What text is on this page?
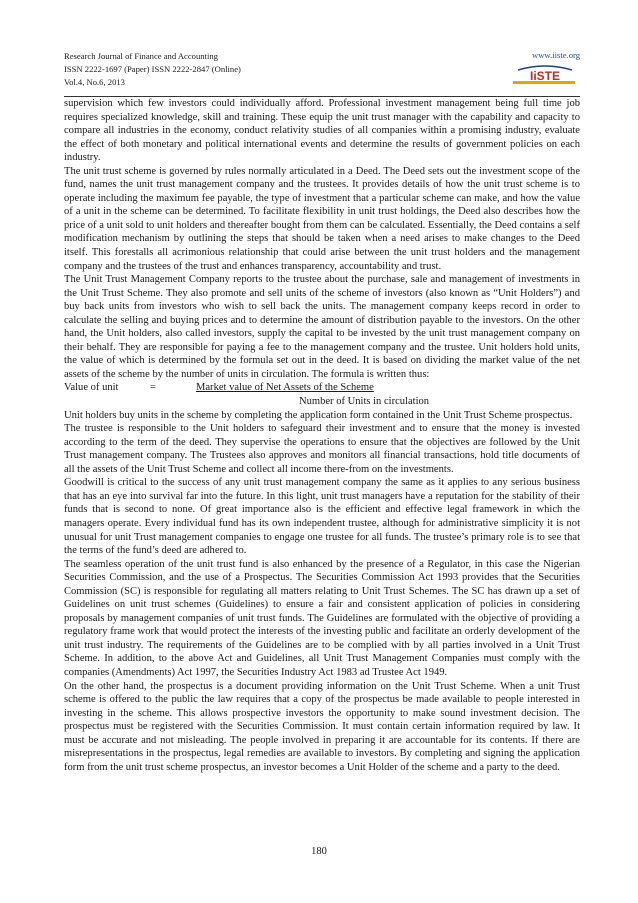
Research Journal of Finance and Accounting
ISSN 2222-1697 (Paper) ISSN 2222-2847 (Online)
Vol.4, No.6, 2013
www.iiste.org
IiSTE

supervision which few investors could individually afford. Professional investment management being full time job requires specialized knowledge, skill and training. These equip the unit trust manager with the capability and capacity to compare all industries in the economy, conduct relativity studies of all companies within a promising industry, evaluate the effect of both monetary and political international events and determine the results of government policies on each industry.

The unit trust scheme is governed by rules normally articulated in a Deed. The Deed sets out the investment scope of the fund, names the unit trust management company and the trustees. It provides details of how the unit trust scheme is to operate including the maximum fee payable, the type of investment that a particular scheme can make, and how the value of a unit in the scheme can be determined. To facilitate flexibility in unit trust holdings, the Deed also describes how the price of a unit sold to unit holders and thereafter bought from them can be calculated. Essentially, the Deed contains a self modification mechanism by outlining the steps that should be taken when a need arises to make changes to the Deed itself. This forestalls all acrimonious relationship that could arise between the unit trust holders and the management company and the trustees of the trust and enhances transparency, accountability and trust.

The Unit Trust Management Company reports to the trustee about the purchase, sale and management of investments in the Unit Trust Scheme. They also promote and sell units of the scheme of investors (also known as “Unit Holders”) and buy back units from investors who wish to sell back the units. The management company keeps record in order to calculate the selling and buying prices and to determine the amount of distribution payable to the investors. On the other hand, the Unit holders, also called investors, supply the capital to be invested by the unit trust management company on their behalf. They are responsible for paying a fee to the management company and the trustee. Unit holders hold units, the value of which is determined by the formula set out in the deed. It is based on dividing the market value of the net assets of the scheme by the number of units in circulation. The formula is written thus:

Value of unit	=	Market value of Net Assets of the Scheme
Number of Units in circulation

Unit holders buy units in the scheme by completing the application form contained in the Unit Trust Scheme prospectus.

The trustee is responsible to the Unit holders to safeguard their investment and to ensure that the money is invested according to the term of the deed. They supervise the operations to ensure that the objectives are followed by the Unit Trust management company. The Trustees also approves and monitors all financial transactions, hold title documents of all the assets of the Unit Trust Scheme and collect all income there-from on the investments.

Goodwill is critical to the success of any unit trust management company the same as it applies to any serious business that has an eye into survival far into the future. In this light, unit trust managers have a reputation for the stability of their funds that is second to none. Of great importance also is the efficient and effective legal framework in which the managers operate. Every individual fund has its own independent trustee, although for administrative simplicity it is not unusual for unit Trust management companies to engage one trustee for all funds. The trustee’s primary role is to see that the terms of the fund’s deed are adhered to.

The seamless operation of the unit trust fund is also enhanced by the presence of a Regulator, in this case the Nigerian Securities Commission, and the use of a Prospectus. The Securities Commission Act 1993 provides that the Securities Commission (SC) is responsible for regulating all matters relating to Unit Trust Schemes. The SC has drawn up a set of Guidelines on unit trust schemes (Guidelines) to ensure a fair and consistent application of policies in considering proposals by management companies of unit trust funds. The Guidelines are formulated with the objective of providing a regulatory frame work that would protect the interests of the investing public and facilitate an orderly development of the unit trust industry. The requirements of the Guidelines are to be complied with by all parties involved in a Unit Trust Scheme. In addition, to the above Act and Guidelines, all Unit Trust Management Companies must comply with the companies (Amendments) Act 1997, the Securities Industry Act 1983 ad Trustee Act 1949.

On the other hand, the prospectus is a document providing information on the Unit Trust Scheme. When a unit Trust scheme is offered to the public the law requires that a copy of the prospectus be made available to people interested in investing in the scheme. This allows prospective investors the opportunity to make sound investment decision. The prospectus must be registered with the Securities Commission. It must contain certain information required by law. It must be accurate and not misleading. The people involved in preparing it are accountable for its contents. If there are misrepresentations in the prospectus, legal remedies are available to investors. By completing and signing the application form from the unit trust scheme prospectus, an investor becomes a Unit Holder of the scheme and a party to the deed.

180
